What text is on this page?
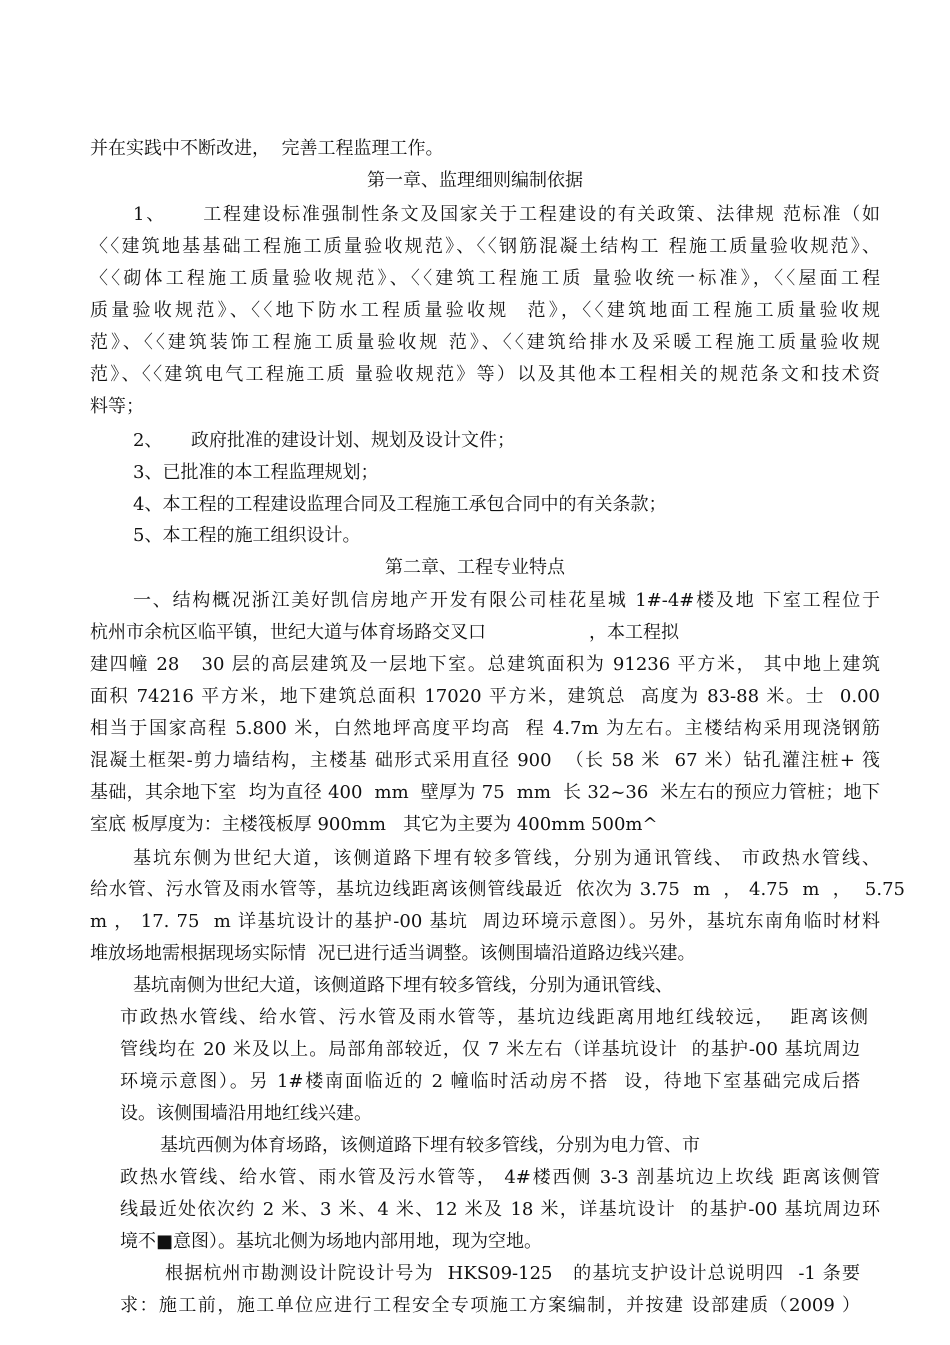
并在实践中不断改进，  完善工程监理工作。
第一章、监理细则编制依据
1、     工程建设标准强制性条文及国家关于工程建设的有关政策、法律规 范标准（如
〈〈建筑地基基础工程施工质量验收规范》、〈〈钢筋混凝土结构工 程施工质量验收规范》、
〈〈砌体工程施工质量验收规范》、〈〈建筑工程施工质 量验收统一标准》，〈〈屋面工程
质量验收规范》、〈〈地下防水工程质量验收规  范》，〈〈建筑地面工程施工质量验收规
范》、〈〈建筑装饰工程施工质量验收规 范》、〈〈建筑给排水及采暖工程施工质量验收规
范》、〈〈建筑电气工程施工质 量验收规范》等）以及其他本工程相关的规范条文和技术资
料等；
2、     政府批准的建设计划、规划及设计文件；
3、已批准的本工程监理规划；
4、本工程的工程建设监理合同及工程施工承包合同中的有关条款；
5、本工程的施工组织设计。
第二章、工程专业特点
一、结构概况浙江美好凯信房地产开发有限公司桂花星城 1#-4#楼及地 下室工程位于
杭州市余杭区临平镇，世纪大道与体育场路交叉口                  ，本工程拟
建四幢 28   30 层的高层建筑及一层地下室。总建筑面积为 91236 平方米， 其中地上建筑
面积 74216 平方米，地下建筑总面积 17020 平方米，建筑总  高度为 83-88 米。士  0.00
相当于国家高程 5.800 米，白然地坪高度平均高  程 4.7m 为左右。主楼结构采用现浇钢筋
混凝土框架-剪力墙结构，主楼基 础形式采用直径 900  （长 58 米  67 米）钻孔灌注桩+ 筏
基础，其余地下室  均为直径 400  mm  壁厚为 75  mm  长 32~36  米左右的预应力管桩；地下
室底 板厚度为：主楼筏板厚 900mm   其它为主要为 400mm 500m^
基坑东侧为世纪大道，该侧道路下埋有较多管线，分别为通讯管线、 市政热水管线、
给水管、污水管及雨水管等，基坑边线距离该侧管线最近  依次为 3.75  m  ， 4.75  m  ，  5.75
m ， 17. 75  m 详基坑设计的基护-00 基坑  周边环境示意图）。另外，基坑东南角临时材料
堆放场地需根据现场实际情  况已进行适当调整。该侧围墙沿道路边线兴建。
基坑南侧为世纪大道，该侧道路下埋有较多管线，分别为通讯管线、
市政热水管线、给水管、污水管及雨水管等，基坑边线距离用地红线较远，  距离该侧
管线均在 20 米及以上。局部角部较近，仅 7 米左右（详基坑设计  的基护-00 基坑周边
环境示意图）。另 1#楼南面临近的 2 幢临时活动房不搭  设，待地下室基础完成后搭
设。该侧围墙沿用地红线兴建。
基坑西侧为体育场路，该侧道路下埋有较多管线，分别为电力管、市
政热水管线、给水管、雨水管及污水管等， 4#楼西侧 3-3 剖基坑边上坎线 距离该侧管
线最近处依次约 2 米、3 米、4 米、12 米及 18 米，详基坑设计  的基护-00 基坑周边环
境不■意图）。基坑北侧为场地内部用地，现为空地。
根据杭州市勘测设计院设计号为  HKS09-125   的基坑支护设计总说明四  -1 条要
求：施工前，施工单位应进行工程安全专项施工方案编制，并按建 设部建质（2009 ）
